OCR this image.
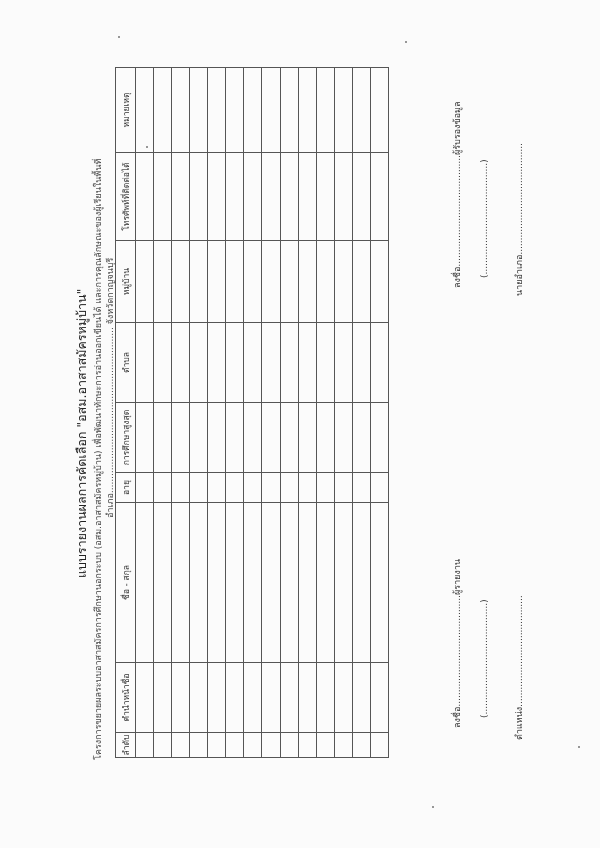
แบบรายงานผลการคัดเลือก "อสม.อาสาสมัครหมู่บ้าน" โครงการขยายผลระบบอาสาสมัครการศึกษานอกระบบ (อสม.อาสาสมัครหมู่บ้าน) เพื่อพัฒนาทักษะการอ่านออกเขียนได้ และการคุณลักษณะของผู้เรียนในพื้นที่ อำเภอ.......................................................... จังหวัดกาญจนบุรี
ลำดับ	คำนำหน้าชื่อ	ชื่อ - สกุล	อายุ	การศึกษาสูงสุด	ตำบล	หมู่บ้าน	โทรศัพท์ที่ติดต่อได้	หมายเหตุ

ลงชื่อ.......................................ผู้รายงาน (.......................................)	ตำแหน่ง.......................................
ลงชื่อ.......................................ผู้รับรองข้อมูล (.......................................)	นายอำเภอ.......................................
